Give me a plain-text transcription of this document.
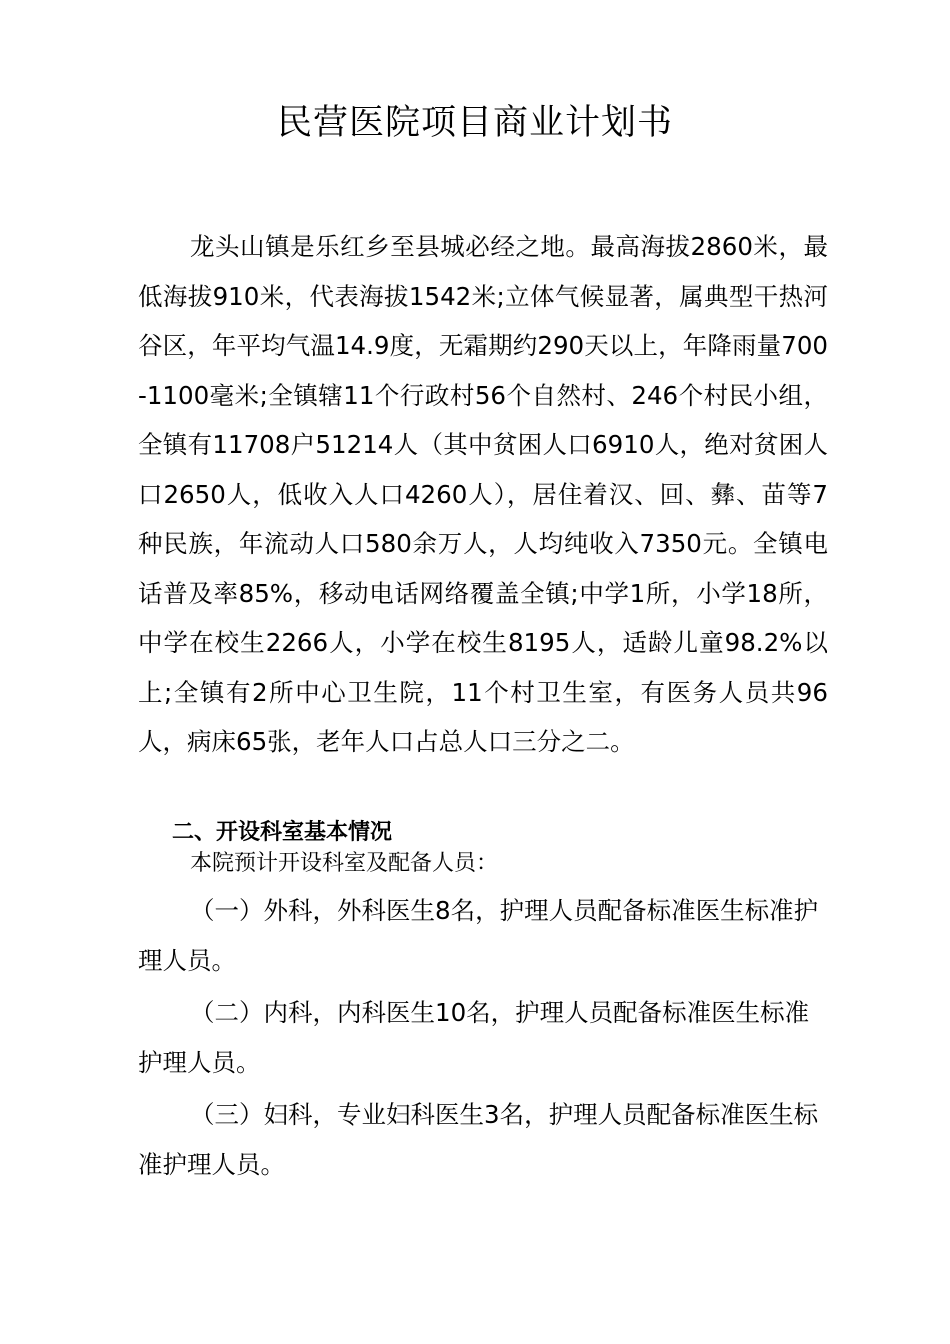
民营医院项目商业计划书

龙头山镇是乐红乡至县城必经之地。最高海拔2860米，最低海拔910米，代表海拔1542米;立体气候显著，属典型干热河谷区，年平均气温14.9度，无霜期约290天以上，年降雨量700-1100毫米;全镇辖11个行政村56个自然村、246个村民小组，全镇有11708户51214人（其中贫困人口6910人，绝对贫困人口2650人，低收入人口4260人），居住着汉、回、彝、苗等7种民族，年流动人口580余万人，人均纯收入7350元。全镇电话普及率85%，移动电话网络覆盖全镇;中学1所，小学18所，中学在校生2266人，小学在校生8195人，适龄儿童98.2%以上;全镇有2所中心卫生院，11个村卫生室，有医务人员共96人，病床65张，老年人口占总人口三分之二。

二、开设科室基本情况

本院预计开设科室及配备人员：

（一）外科，外科医生8名，护理人员配备标准医生标准护理人员。

（二）内科，内科医生10名，护理人员配备标准医生标准护理人员。

（三）妇科，专业妇科医生3名，护理人员配备标准医生标准护理人员。
